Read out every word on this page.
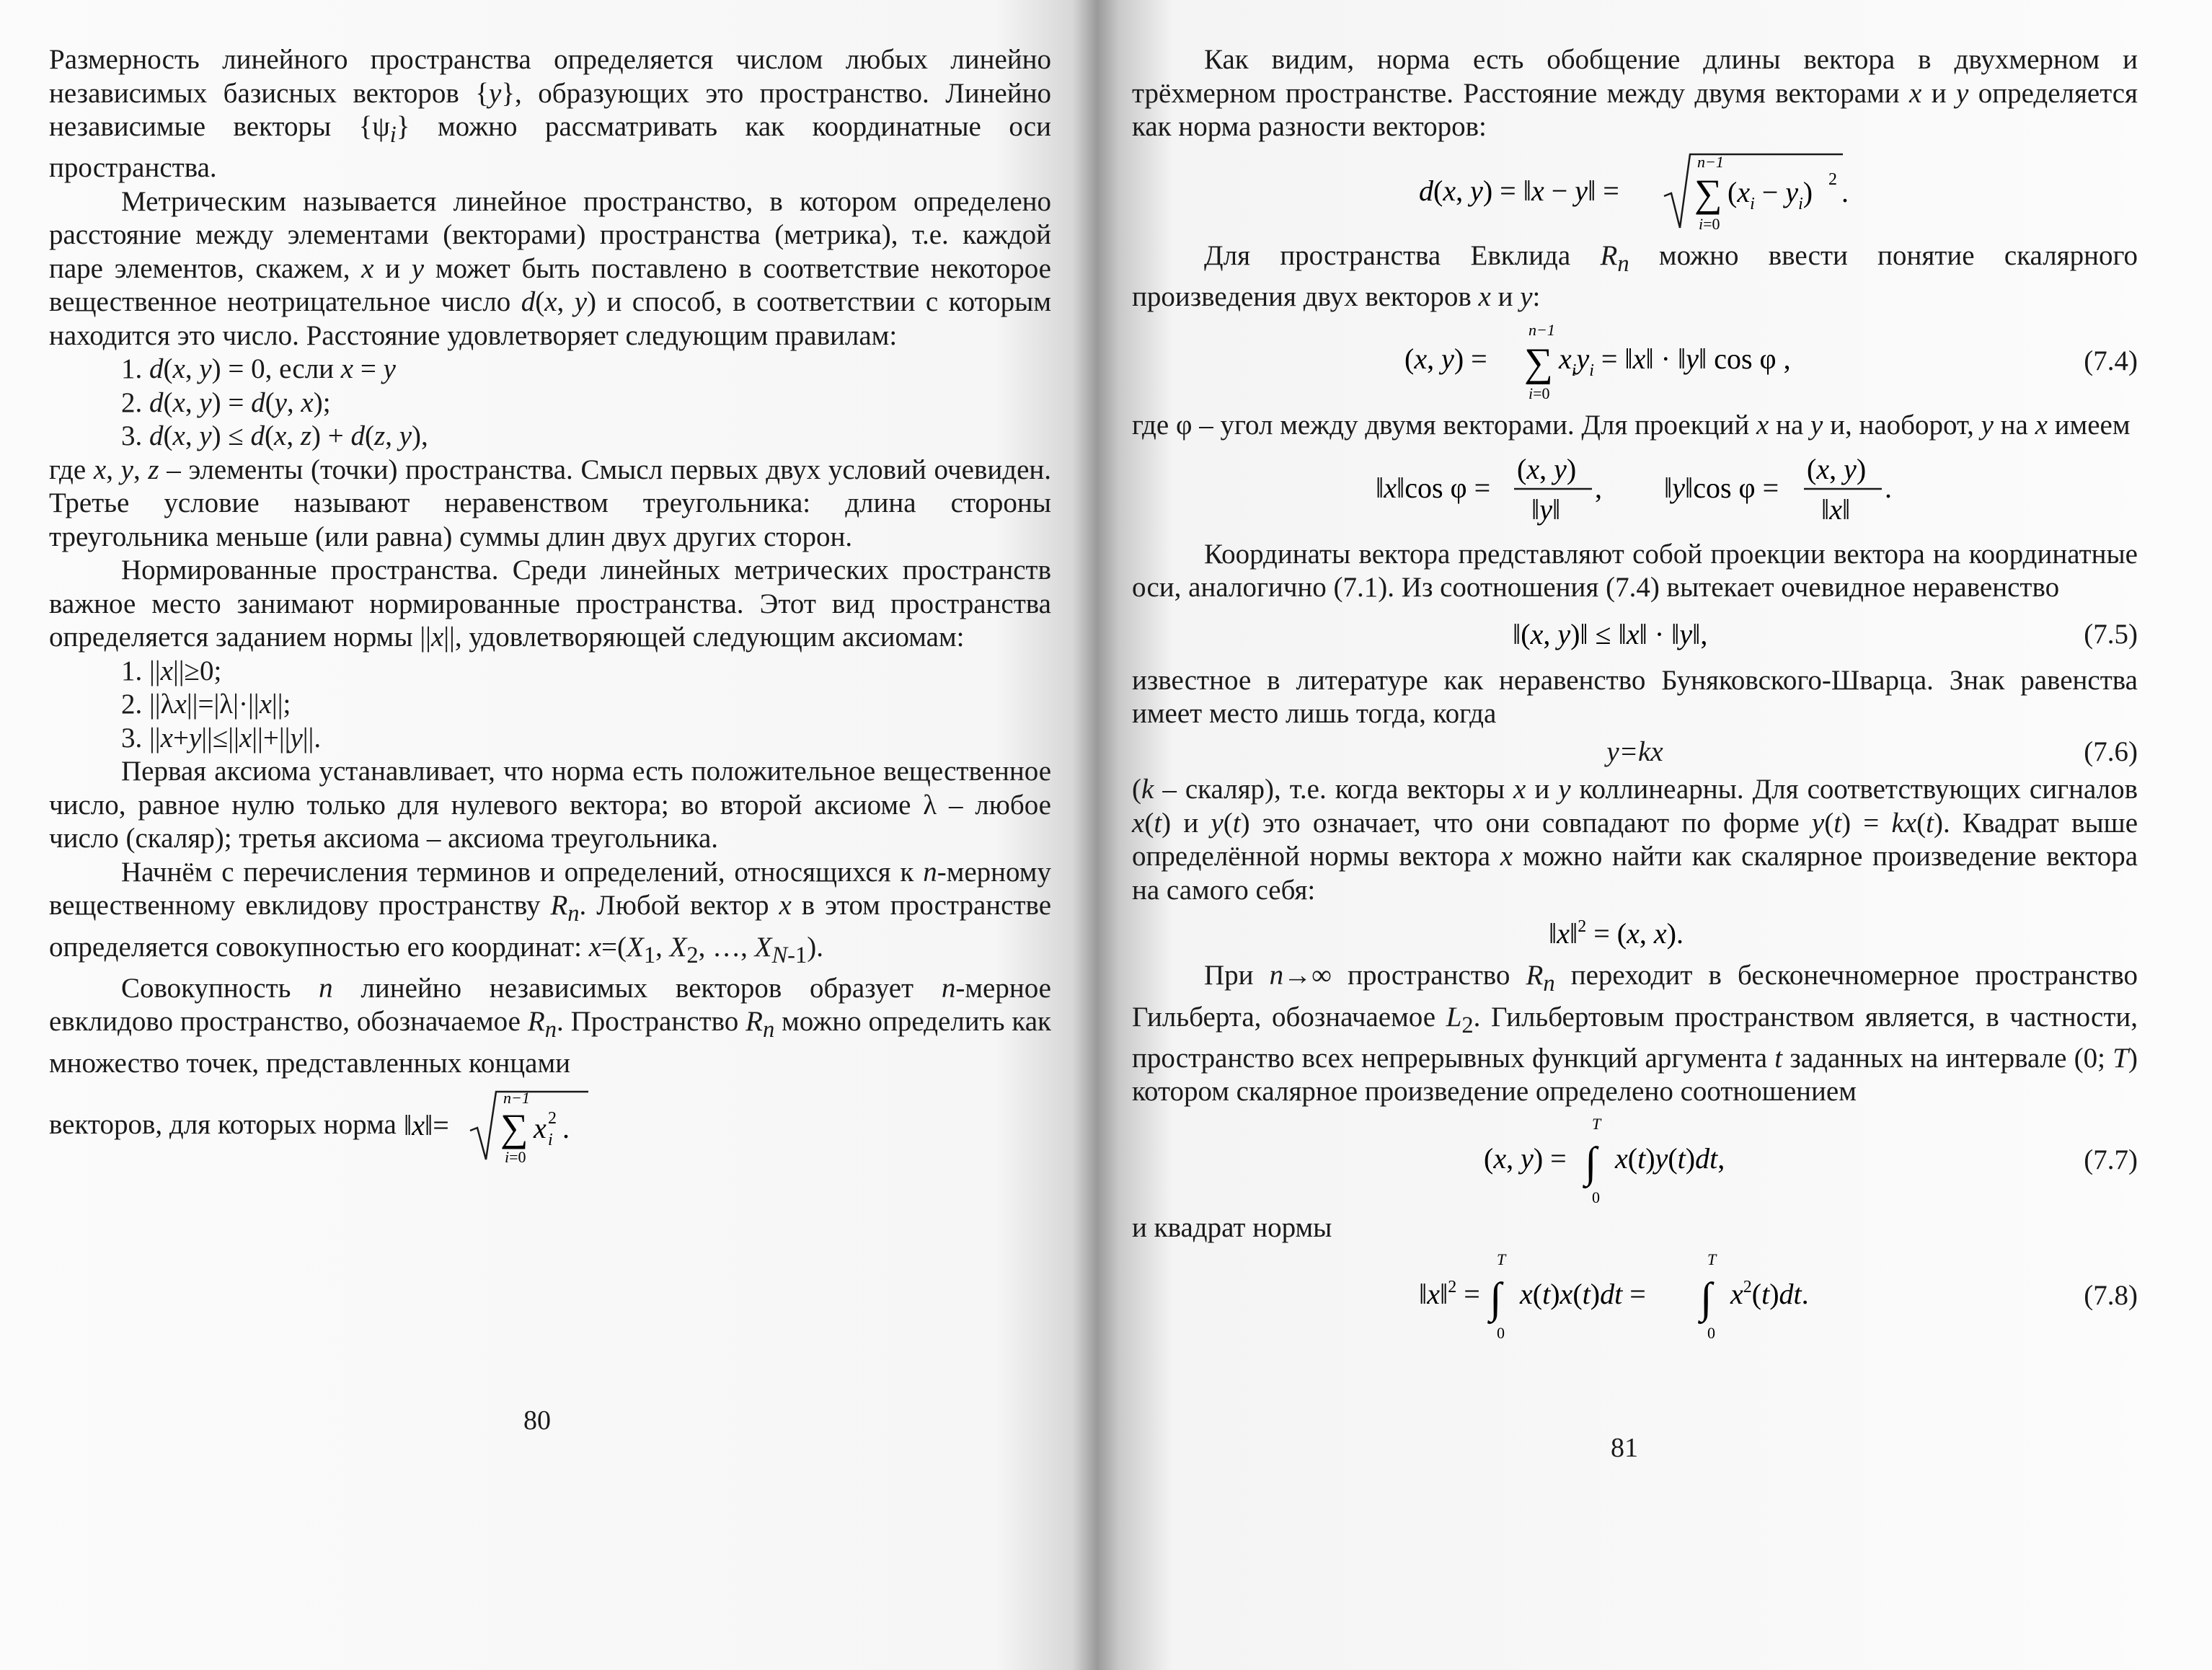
Размерность линейного пространства определяется числом любых линейно независимых базисных векторов {y}, образующих это пространство. Линейно независимые векторы $\{\psi_i\}$ можно рассматривать как координатные оси пространства.

Метрическим называется линейное пространство, в котором определено расстояние между элементами (векторами) пространства (метрика), т.е. каждой паре элементов, скажем, x и y может быть поставлено в соответствие некоторое вещественное неотрицательное число d(x, y) и способ, в соответствии с которым находится это число. Расстояние удовлетворяет следующим правилам:

1. d(x, y) = 0, если x = y

2. d(x, y) = d(y, x);

3. d(x, y) ≤ d(x, z) + d(z, y),

где x, y, z – элементы (точки) пространства. Смысл первых двух условий очевиден. Третье условие называют неравенством треугольника: длина стороны треугольника меньше (или равна) суммы длин двух других сторон.

Нормированные пространства. Среди линейных метрических пространств важное место занимают нормированные пространства. Этот вид пространства определяется заданием нормы ||x||, удовлетворяющей следующим аксиомам:

1. ||x||≥0;

2. ||λx||=|λ|·||x||;

3. ||x+y||≤||x||+||y||.

Первая аксиома устанавливает, что норма есть положительное вещественное число, равное нулю только для нулевого вектора; во второй аксиоме λ – любое число (скаляр); третья аксиома – аксиома треугольника.

Начнём с перечисления терминов и определений, относящихся к n-мерному вещественному евклидову пространству $R_n$. Любой вектор x в этом пространстве определяется совокупностью его координат: $x=(X_1$, $X_2$, …, $X_{N-1}$).

Совокупность n линейно независимых векторов образует n-мерное евклидово пространство, обозначаемое $R_n$. Пространство $R_n$ можно определить как множество точек, представленных концами

векторов, для которых норма ‖x‖=
n−1
∑
i=0
x i
2 .

80

Как видим, норма есть обобщение длины вектора в двухмерном и трёхмерном пространстве. Расстояние между двумя векторами x и y определяется как норма разности векторов:

d(x, y) = ‖x − y‖ =
n−1
∑
i=0
$(x_i - y_i)$ 2 .

Для пространства Евклида $R_n$ можно ввести понятие скалярного произведения двух векторов x и y:

(x, y) =
n−1
∑
i=0
$x_iy_i$ = ‖x‖ · ‖y‖ cos φ ,	(7.4)

где φ – угол между двумя векторами. Для проекций x на y и, наоборот, y на x имеем

‖x‖cos φ =
(x, y)
‖y‖
, ‖y‖cos φ =
(x, y)
‖x‖
.

Координаты вектора представляют собой проекции вектора на координатные оси, аналогично (7.1). Из соотношения (7.4) вытекает очевидное неравенство

‖(x, y)‖ ≤ ‖x‖ · ‖y‖,	(7.5)

известное в литературе как неравенство Буняковского-Шварца. Знак равенства имеет место лишь тогда, когда

y=kx	(7.6)

(k – скаляр), т.е. когда векторы x и y коллинеарны. Для соответствующих сигналов x(t) и y(t) это означает, что они совпадают по форме y(t) = kx(t). Квадрат выше определённой нормы вектора x можно найти как скалярное произведение вектора на самого себя:

‖x‖$^2$ = (x, x).

При n→∞ пространство $R_n$ переходит в бесконечномерное пространство Гильберта, обозначаемое $L_2$. Гильбертовым пространством является, в частности, пространство всех непрерывных функций аргумента t заданных на интервале (0; T) котором скалярное произведение определено соотношением

(x, y) =
T
∫
0
x(t)y(t)dt,	(7.7)

и квадрат нормы

‖x‖$^2$ =
T
∫
0
x(t)x(t)dt =
T
∫
0
$x^2(t)dt$.	(7.8)
81
